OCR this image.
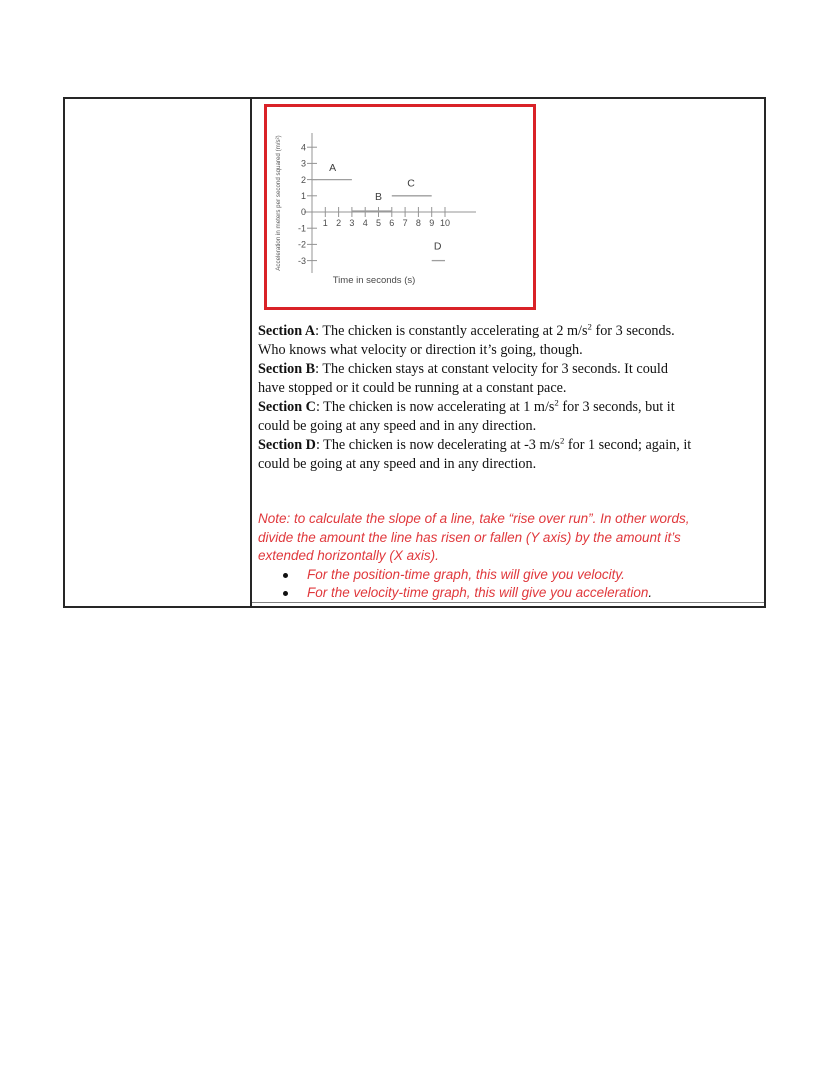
4
3
2
1
0
-1
-2
-3
1 2 3 4 5 6 7 8 9 10
A
B
C
D
Time in seconds (s)
Acceleration in meters per second squared (m/s²)

Section A: The chicken is constantly accelerating at 2 $m/s^2$ for 3 seconds.
Who knows what velocity or direction it’s going, though.

Section B: The chicken stays at constant velocity for 3 seconds. It could
have stopped or it could be running at a constant pace.

Section C: The chicken is now accelerating at 1 $m/s^2$ for 3 seconds, but it
could be going at any speed and in any direction.

Section D: The chicken is now decelerating at -3 $m/s^2$ for 1 second; again, it
could be going at any speed and in any direction.

Note: to calculate the slope of a line, take “rise over run”. In other words,
divide the amount the line has risen or fallen (Y axis) by the amount it’s
extended horizontally (X axis).
For the position-time graph, this will give you velocity.
For the velocity-time graph, this will give you acceleration.
